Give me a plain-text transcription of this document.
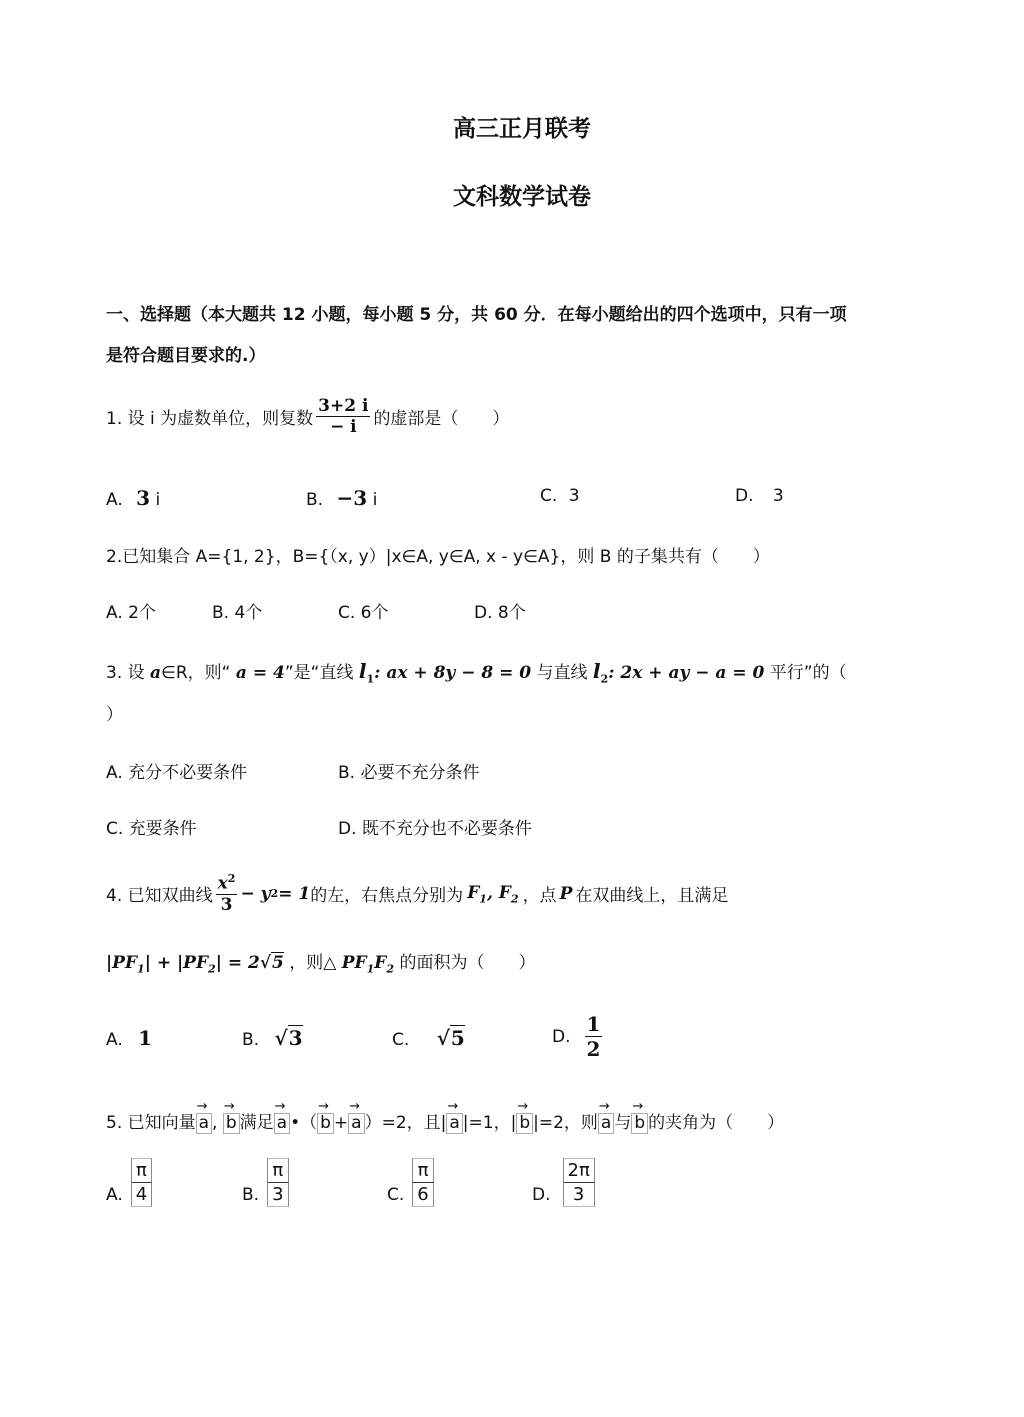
高三正月联考
文科数学试卷
一、选择题（本大题共 12 小题，每小题 5 分，共 60 分．在每小题给出的四个选项中，只有一项
是符合题目要求的.）
1. 设 i 为虚数单位，则复数 $\frac{3+2 i}{- i}$ 的虚部是（　　）
A. 3 i	B. −3 i	C. 3	D. 3
2.已知集合 A={1, 2}，B={（x, y）|x∈A, y∈A, x - y∈A}，则 B 的子集共有（　　）
A. 2个	B. 4个	C. 6个	D. 8个
3. 设 a∈R，则“ a = 4”是“直线 $l_1$: ax + 8y − 8 = 0 与直线 $l_2$: 2x + ay − a = 0 平行”的（
）
A. 充分不必要条件	B. 必要不充分条件
C. 充要条件	D. 既不充分也不必要条件
4. 已知双曲线 $\frac{x^2}{3} - y$ 2 = 1 的左，右焦点分别为 $F_1$, $F_2$ ，点 P 在双曲线上，且满足
$|PF_1| + |PF_2| = 2√5$ ，则△ $PF_1F_2$ 的面积为（　　）
A. 1	B. √3	C. √5	D. $\frac{1}{2}$
5. 已知向量 → a , → b 满足 → a •（ → b + → a ）=2，且| → a |=1，| → b |=2，则 → a 与 → b 的夹角为（　　）
A. $\frac{\pi}{4}$	B. $\frac{\pi}{3}$	C. $\frac{\pi}{6}$	D. $\frac{2\pi}{3}$
